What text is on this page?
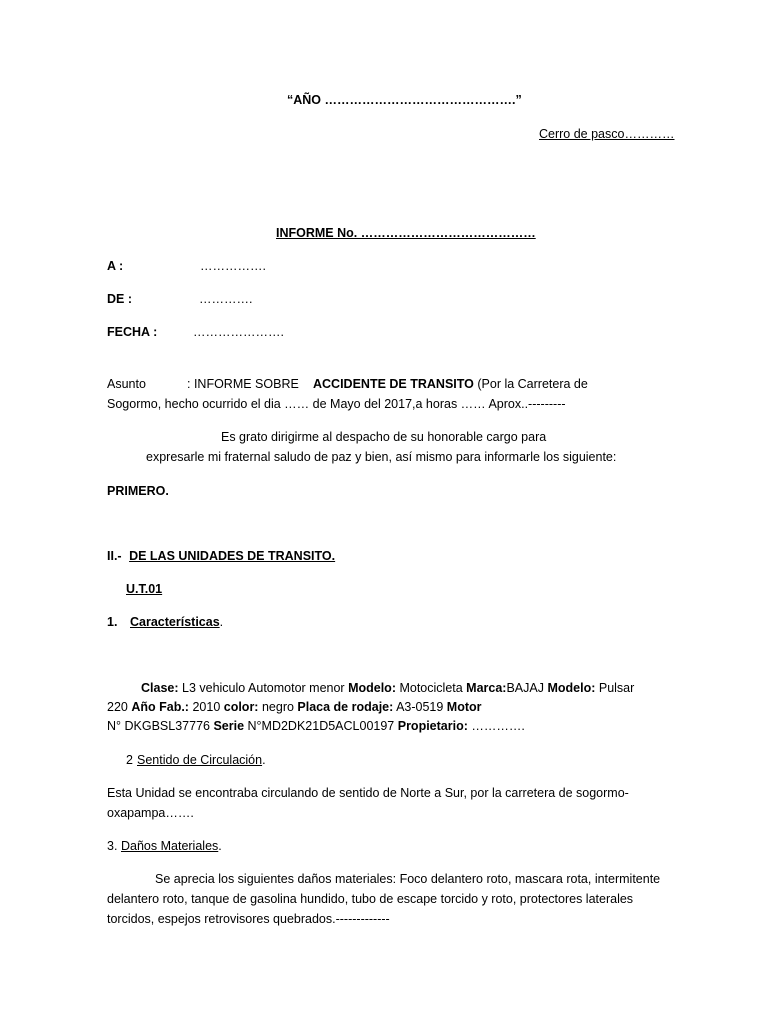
“AÑO ……………………………………….”
Cerro de pasco…………
INFORME No. ……………………………………
A :	…………….
DE :	………….
FECHA :	………………….
Asunto	: INFORME SOBRE ACCIDENTE DE TRANSITO (Por la Carretera de
Sogormo, hecho ocurrido el dia …… de Mayo del 2017,a horas …… Aprox..---------
Es grato dirigirme al despacho de su honorable cargo para
expresarle mi fraternal saludo de paz y bien, así mismo para informarle los siguiente:
PRIMERO.
II.- DE LAS UNIDADES DE TRANSITO.
U.T.01
1. Características.
Clase: L3 vehiculo Automotor menor Modelo: Motocicleta Marca:BAJAJ Modelo: Pulsar
220 Año Fab.: 2010 color: negro Placa de rodaje: A3-0519 Motor
N° DKGBSL37776 Serie N°MD2DK21D5ACL00197 Propietario: ………….
2 Sentido de Circulación.
Esta Unidad se encontraba circulando de sentido de Norte a Sur, por la carretera de sogormo-
oxapampa…….
3. Daños Materiales.
Se aprecia los siguientes daños materiales: Foco delantero roto, mascara rota, intermitente
delantero roto, tanque de gasolina hundido, tubo de escape torcido y roto, protectores laterales
torcidos, espejos retrovisores quebrados.-------------
